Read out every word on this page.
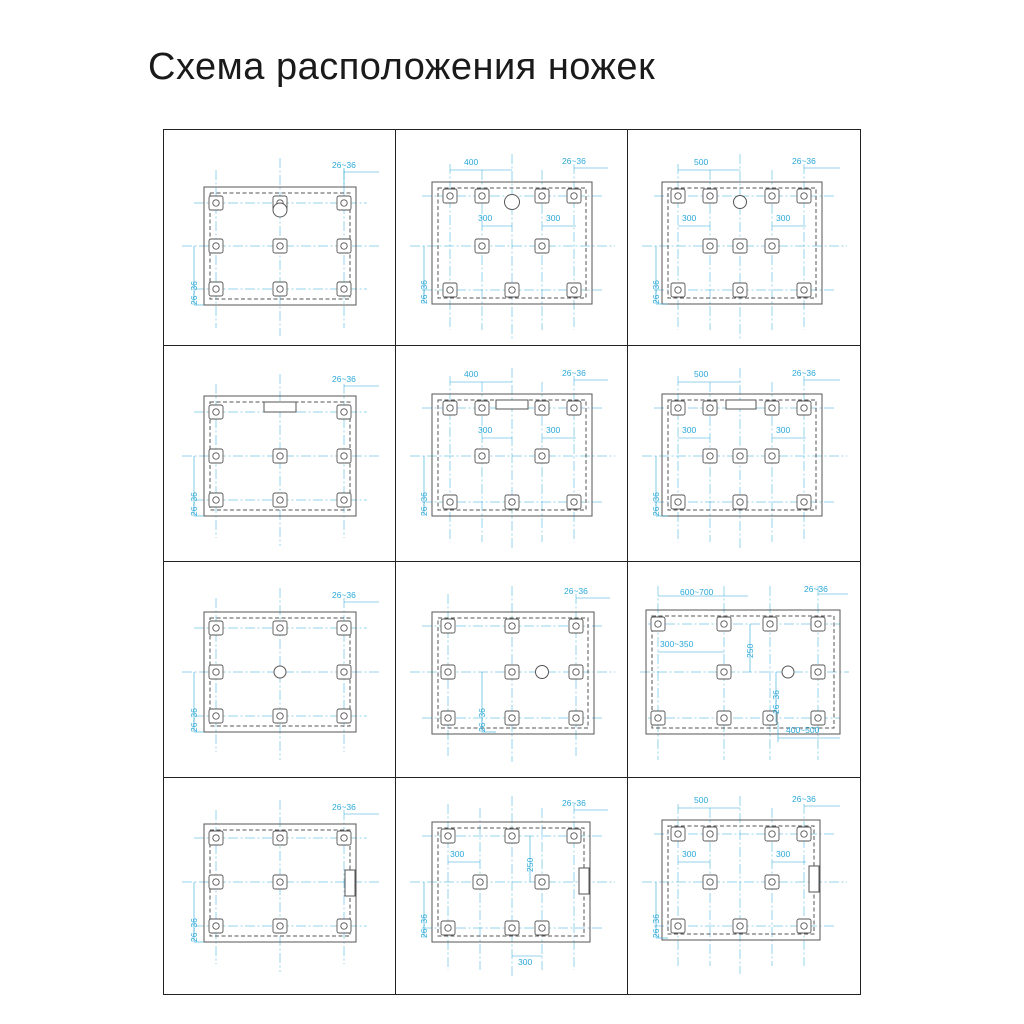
Схема расположения ножек
26~36
26~36
400	26~36
300	300
26~36
500	26~36
300	300
26~36
26~36
26~36
400	26~36
300	300
26~36
500	26~36
300	300
26~36
26~36
26~36
26~36
26~36
600~700	26~36
300~350	250
26~36
400~500
26~36
26~36
26~36
250
300
300
26~36
500	26~36
300	300
26~36
